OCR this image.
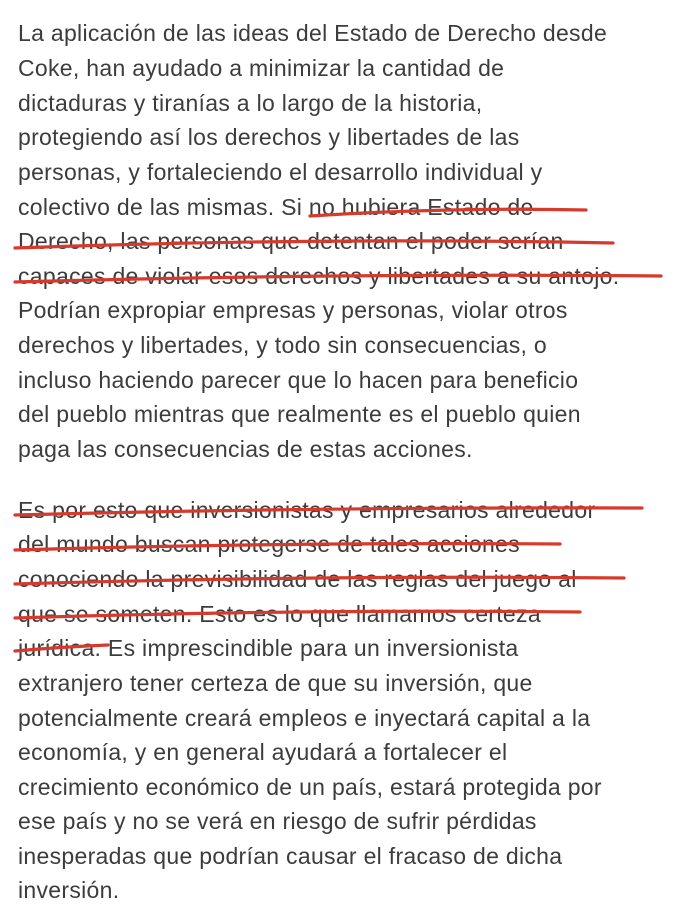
La aplicación de las ideas del Estado de Derecho desde

Coke, han ayudado a minimizar la cantidad de

dictaduras y tiranías a lo largo de la historia,

protegiendo así los derechos y libertades de las

personas, y fortaleciendo el desarrollo individual y

colectivo de las mismas. Si no hubiera Estado de

Derecho, las personas que detentan el poder serían

capaces de violar esos derechos y libertades a su antojo.

Podrían expropiar empresas y personas, violar otros

derechos y libertades, y todo sin consecuencias, o

incluso haciendo parecer que lo hacen para beneficio

del pueblo mientras que realmente es el pueblo quien

paga las consecuencias de estas acciones.

Es por esto que inversionistas y empresarios alrededor

del mundo buscan protegerse de tales acciones

conociendo la previsibilidad de las reglas del juego al

que se someten. Esto es lo que llamamos certeza

jurídica. Es imprescindible para un inversionista

extranjero tener certeza de que su inversión, que

potencialmente creará empleos e inyectará capital a la

economía, y en general ayudará a fortalecer el

crecimiento económico de un país, estará protegida por

ese país y no se verá en riesgo de sufrir pérdidas

inesperadas que podrían causar el fracaso de dicha

inversión.
